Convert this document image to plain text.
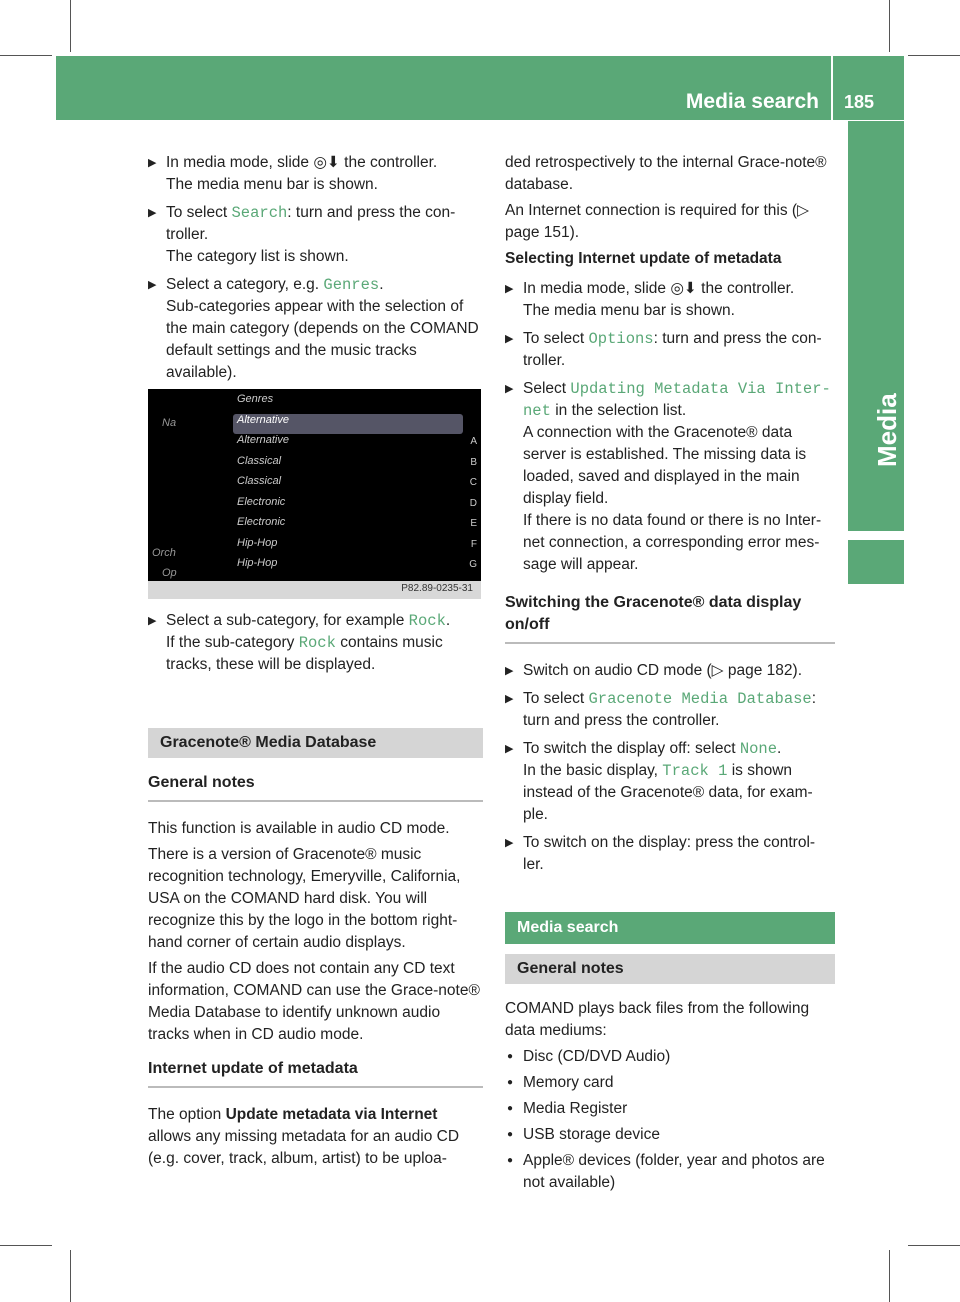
Media search 185
Media
▶ In media mode, slide ◎⬇ the controller.
The media menu bar is shown.
▶ To select Search: turn and press the con-troller.
The category list is shown.
▶ Select a category, e.g. Genres.
Sub-categories appear with the selection of the main category (depends on the COMAND default settings and the music tracks available).
Na
Orch
Op
Genres
Alternative
Alternative	A
Classical	B
Classical	C
Electronic	D
Electronic	E
Hip-Hop	F
Hip-Hop	G
P82.89-0235-31
▶ Select a sub-category, for example Rock.
If the sub-category Rock contains music tracks, these will be displayed.
Gracenote® Media Database
General notes

This function is available in audio CD mode.

There is a version of Gracenote® music recognition technology, Emeryville, California, USA on the COMAND hard disk. You will recognize this by the logo in the bottom right-hand corner of certain audio displays.

If the audio CD does not contain any CD text information, COMAND can use the Grace-note® Media Database to identify unknown audio tracks when in CD audio mode.

Internet update of metadata

The option Update metadata via Internet allows any missing metadata for an audio CD (e.g. cover, track, album, artist) to be uploa-

ded retrospectively to the internal Grace-note® database.

An Internet connection is required for this (▷ page 151).

Selecting Internet update of metadata
▶ In media mode, slide ◎⬇ the controller.
The media menu bar is shown.
▶ To select Options: turn and press the con-troller.
▶ Select Updating Metadata Via Inter-net in the selection list.
A connection with the Gracenote® data server is established. The missing data is loaded, saved and displayed in the main display field.
If there is no data found or there is no Inter-net connection, a corresponding error mes-sage will appear.
Switching the Gracenote® data display on/off
▶ Switch on audio CD mode (▷ page 182).
▶ To select Gracenote Media Database: turn and press the controller.
▶ To switch the display off: select None.
In the basic display, Track 1 is shown instead of the Gracenote® data, for exam-ple.
▶ To switch on the display: press the control-ler.
Media search
General notes

COMAND plays back files from the following data mediums:

● Disc (CD/DVD Audio)
● Memory card
● Media Register
● USB storage device
● Apple® devices (folder, year and photos are not available)
